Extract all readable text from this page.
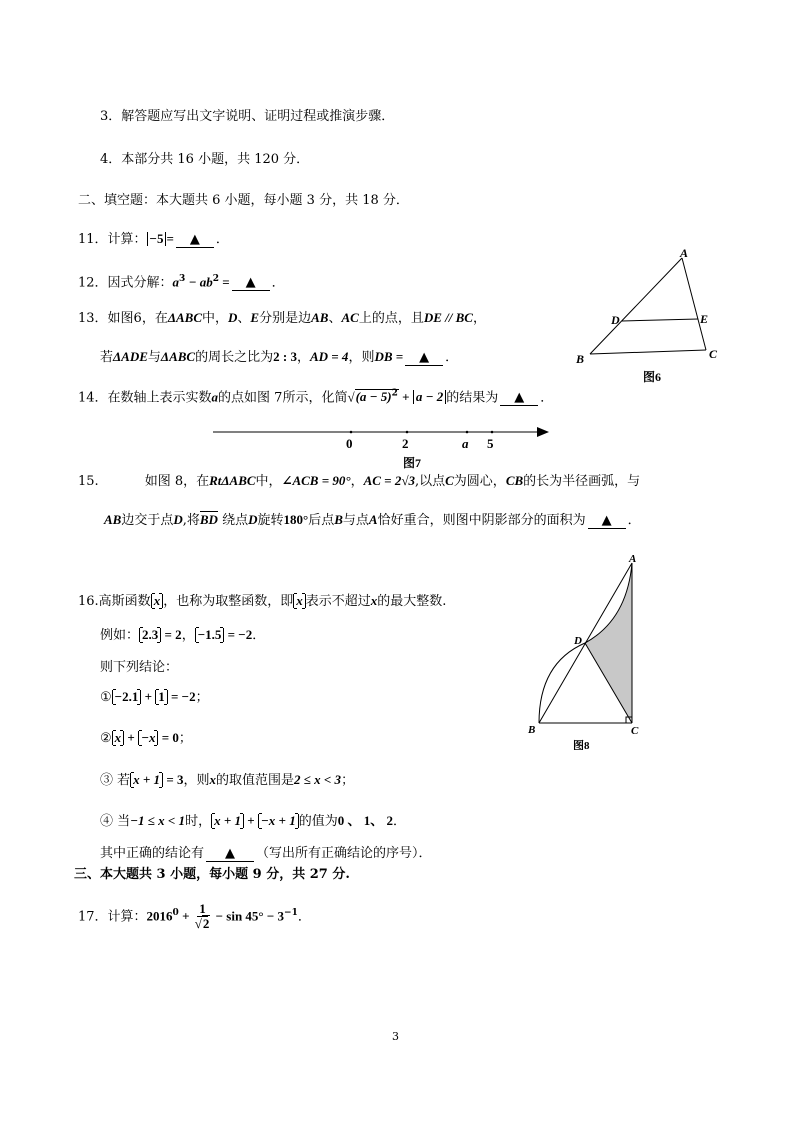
3．解答题应写出文字说明、证明过程或推演步骤．
4．本部分共 16 小题，共 120 分．
二、填空题：本大题共 6 小题，每小题 3 分，共 18 分．
11．计算： −5 = ▲ ．
12．因式分解：$a^3 - ab^2$ = ▲ ．
13．如图6，在ΔABC中，D、E分别是边AB、AC上的点，且DE // BC，
若ΔADE与ΔABC的周长之比为2 : 3，AD = 4，则DB = ▲ ．
A
D	E
B	C
图6
14．在数轴上表示实数a的点如图 7所示，化简$√(a - 5)^2 + a - 2$ 的结果为 ▲ ．
0	2	a 5
图7
15.	如图 8，在RtΔABC中，∠ACB = 90°，AC = 2√3,以点C为圆心，CB的长为半径画弧，与
AB边交于点D,将BD 绕点D旋转180°后点B与点A恰好重合，则图中阴影部分的面积为 ▲ ．
A
D
B	C
图8
16.高斯函数 x ，也称为取整函数，即 x 表示不超过x的最大整数.
例如： 2.3 = 2， −1.5 = −2．
则下列结论：
① −2.1 + 1 = −2；
② x + −x = 0；
③ 若 x + 1 = 3，则x的取值范围是2 ≤ x < 3；
④ 当−1 ≤ x < 1时， x + 1 + −x + 1 的值为0 、 1、 2．
其中正确的结论有 ▲ （写出所有正确结论的序号）．
三、本大题共 3 小题，每小题 9 分，共 27 分.
17．计算：$2016^0 + \frac{1}{√2} - \sin 45^\circ - 3^{-1}$．
3
